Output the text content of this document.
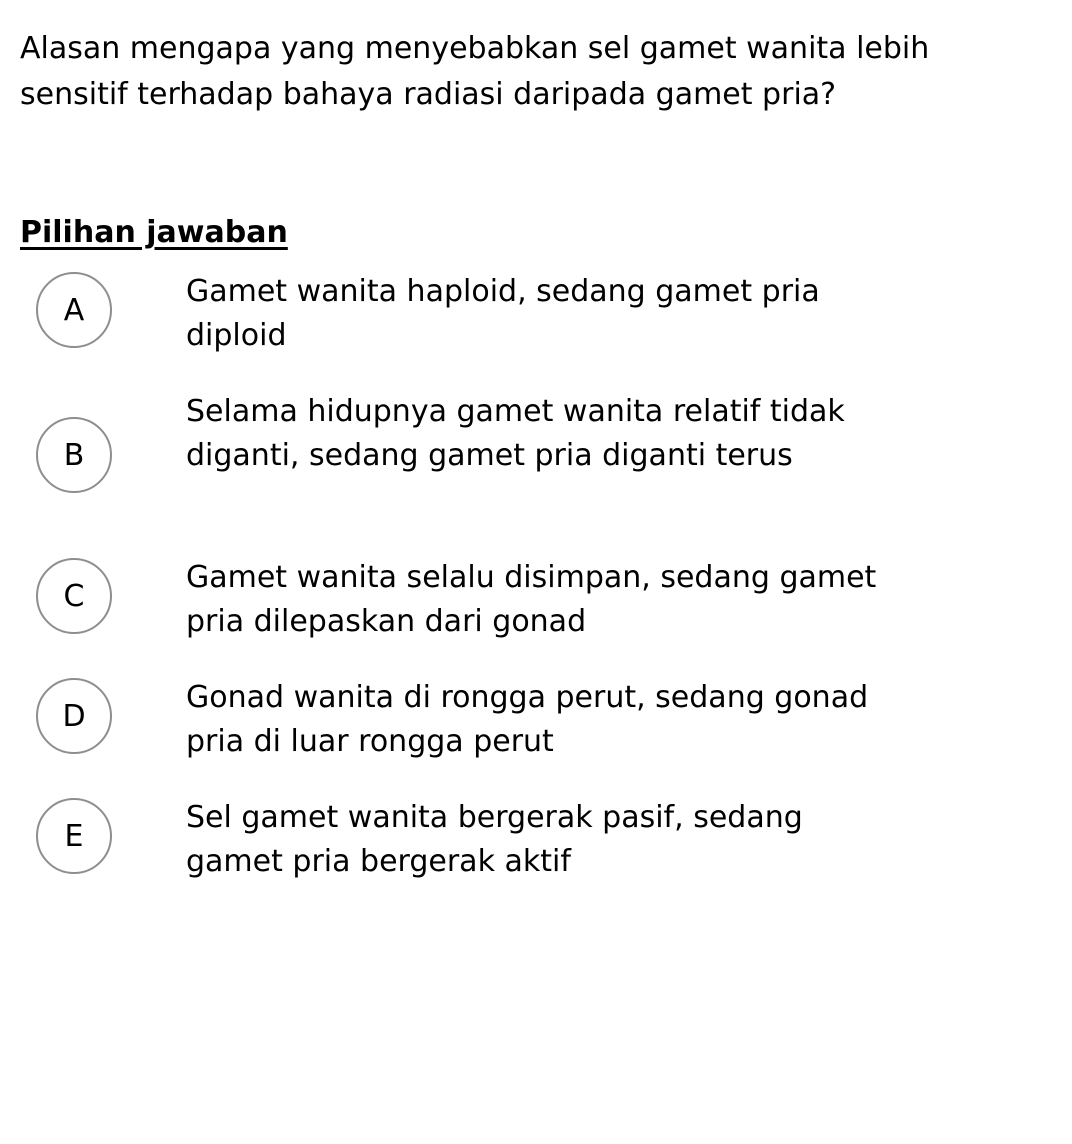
Alasan mengapa yang menyebabkan sel gamet wanita lebih sensitif terhadap bahaya radiasi daripada gamet pria?

Pilihan jawaban
A
Gamet wanita haploid, sedang gamet pria diploid
B
Selama hidupnya gamet wanita relatif tidak diganti, sedang gamet pria diganti terus
C
Gamet wanita selalu disimpan, sedang gamet pria dilepaskan dari gonad
D
Gonad wanita di rongga perut, sedang gonad pria di luar rongga perut
E
Sel gamet wanita bergerak pasif, sedang gamet pria bergerak aktif
